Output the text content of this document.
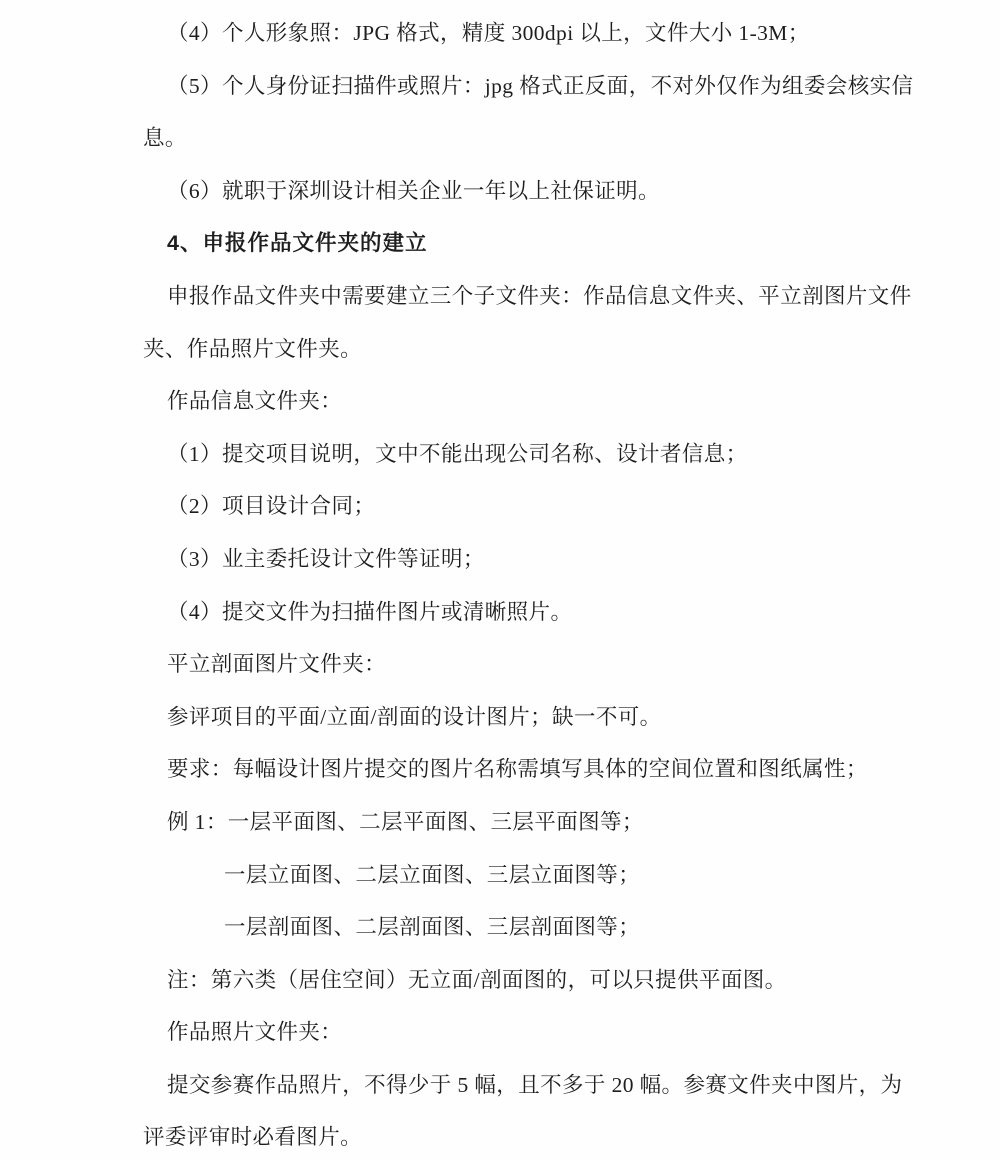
（4）个人形象照：JPG 格式，精度 300dpi 以上，文件大小 1-3M；
（5）个人身份证扫描件或照片：jpg 格式正反面，不对外仅作为组委会核实信
息。
（6）就职于深圳设计相关企业一年以上社保证明。
4、申报作品文件夹的建立
申报作品文件夹中需要建立三个子文件夹：作品信息文件夹、平立剖图片文件
夹、作品照片文件夹。
作品信息文件夹：
（1）提交项目说明，文中不能出现公司名称、设计者信息；
（2）项目设计合同；
（3）业主委托设计文件等证明；
（4）提交文件为扫描件图片或清晰照片。
平立剖面图片文件夹：
参评项目的平面/立面/剖面的设计图片；缺一不可。
要求：每幅设计图片提交的图片名称需填写具体的空间位置和图纸属性；
例 1：一层平面图、二层平面图、三层平面图等；
一层立面图、二层立面图、三层立面图等；
一层剖面图、二层剖面图、三层剖面图等；
注：第六类（居住空间）无立面/剖面图的，可以只提供平面图。
作品照片文件夹：
提交参赛作品照片，不得少于 5 幅，且不多于 20 幅。参赛文件夹中图片，为
评委评审时必看图片。
